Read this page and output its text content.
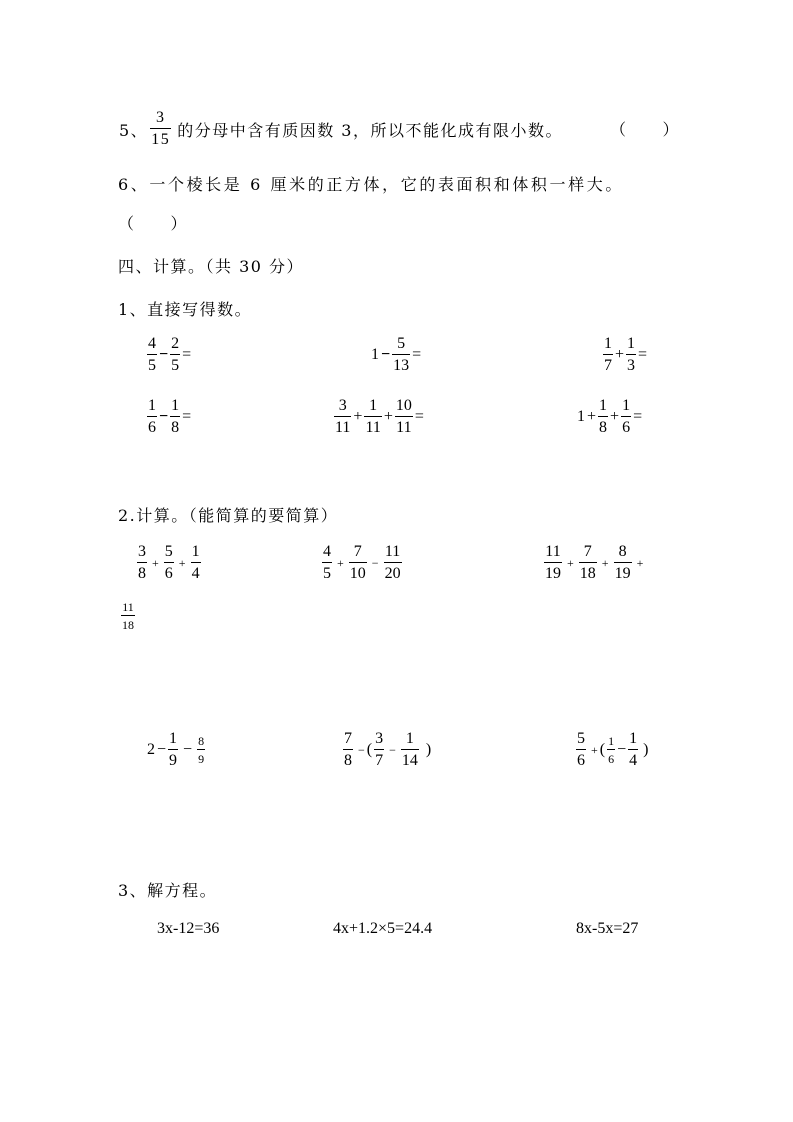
5、 $\frac{3}{15}$ 的分母中含有质因数 3，所以不能化成有限小数。	（　　）
6、一个棱长是 6 厘米的正方体，它的表面积和体积一样大。
（　　）
四、计算。（共 30 分）
1、直接写得数。
$\frac{4}{5} - \frac{2}{5}$ =	$1 - \frac{5}{13}$ =	$\frac{1}{7} + \frac{1}{3}$ =
$\frac{1}{6} - \frac{1}{8}$ =	$\frac{3}{11} + \frac{1}{11} + \frac{10}{11}$ =	$1 + \frac{1}{8} + \frac{1}{6}$ =
2.计算。（能简算的要简算）
$\frac{3}{8} + \frac{5}{6} + \frac{1}{4}$	$\frac{4}{5} + \frac{7}{10} - \frac{11}{20}$	$\frac{11}{19} + \frac{7}{18} + \frac{8}{19}$ +
$\frac{11}{18}$
$2 - \frac{1}{9} - \frac{8}{9}$	$\frac{7}{8}$ − ( $\frac{3}{7} - \frac{1}{14}$ )	$\frac{5}{6}$ + ( $\frac{1}{6} - \frac{1}{4}$ )
3、解方程。
3x-12=36	4x+1.2×5=24.4	8x-5x=27
